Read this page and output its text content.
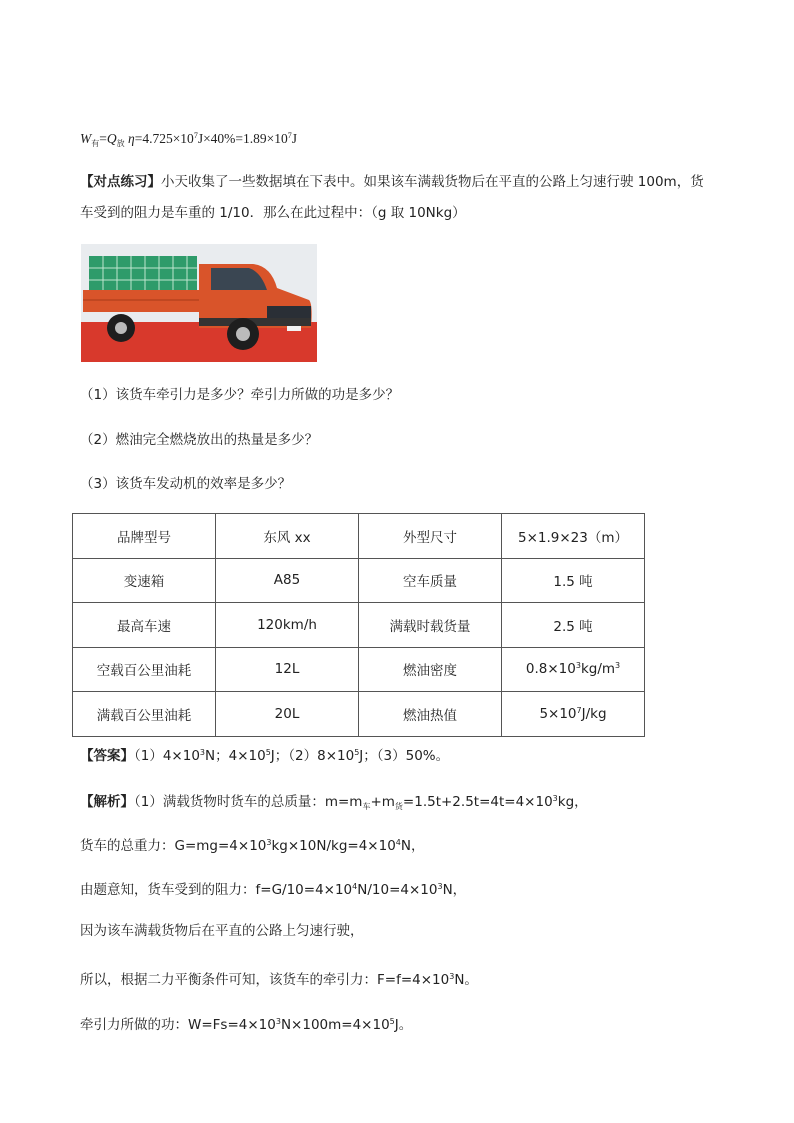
$W_有=Q_放$ $\eta=4.725\times 10^7J\times 40\%=1.89\times 10^7J$
【对点练习】小天收集了一些数据填在下表中。如果该车满载货物后在平直的公路上匀速行驶 100m，货
车受到的阻力是车重的 1/10．那么在此过程中：（g 取 10Nkg）
（1）该货车牵引力是多少？牵引力所做的功是多少？
（2）燃油完全燃烧放出的热量是多少？
（3）该货车发动机的效率是多少？
品牌型号	东风 xx	外型尺寸	5×1.9×23（m）
变速箱	A85	空车质量	1.5 吨
最高车速	120km/h	满载时载货量	2.5 吨
空载百公里油耗	12L	燃油密度	$0.8\times 10^3kg/m^3$
满载百公里油耗	20L	燃油热值	$5\times 10^7J/kg$
【答案】$(1)4\times 10^3N$；$4\times 10^5J$；$(2)8\times 10^5J$；（3）50%。
【解析】（1）满载货物时货车的总质量：$m=m_车+m_货=1.5t+2.5t=4t=4\times 10^3kg$，
货车的总重力：$G=mg=4\times 10^3kg\times 10N/kg=4\times 10^4N$，
由题意知，货车受到的阻力：$f=G/10=4\times 10^4N/10=4\times 10^3N$，
因为该车满载货物后在平直的公路上匀速行驶，
所以，根据二力平衡条件可知，该货车的牵引力：$F=f=4\times 10^3N$。
牵引力所做的功：$W=Fs=4\times 10^3N\times 100m=4\times 10^5J$。
